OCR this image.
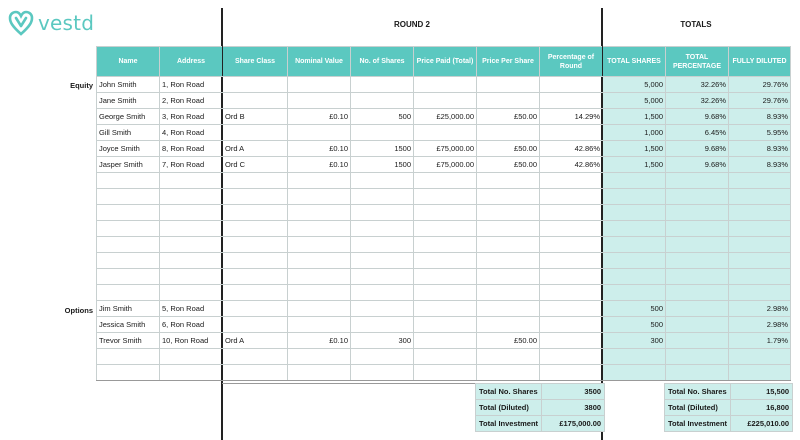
vestd	ROUND 2	TOTALS
Equity
Options
Name	Address	Share Class	Nominal Value	No. of Shares	Price Paid (Total)	Price Per Share	Percentage of Round	TOTAL SHARES	TOTAL PERCENTAGE	FULLY DILUTED
John Smith	1, Ron Road							5,000	32.26%	29.76%
Jane Smith	2, Ron Road							5,000	32.26%	29.76%
George Smith	3, Ron Road	Ord B	£0.10	500	£25,000.00	£50.00	14.29%	1,500	9.68%	8.93%
Gill Smith	4, Ron Road							1,000	6.45%	5.95%
Joyce Smith	8, Ron Road	Ord A	£0.10	1500	£75,000.00	£50.00	42.86%	1,500	9.68%	8.93%
Jasper Smith	7, Ron Road	Ord C	£0.10	1500	£75,000.00	£50.00	42.86%	1,500	9.68%	8.93%

Jim Smith	5, Ron Road							500		2.98%
Jessica Smith	6, Ron Road							500		2.98%
Trevor Smith	10, Ron Road	Ord A	£0.10	300		£50.00		300		1.79%

Total No. Shares	3500
Total (Diluted)	3800
Total Investment	£175,000.00
Total No. Shares	15,500
Total (Diluted)	16,800
Total Investment	£225,010.00
